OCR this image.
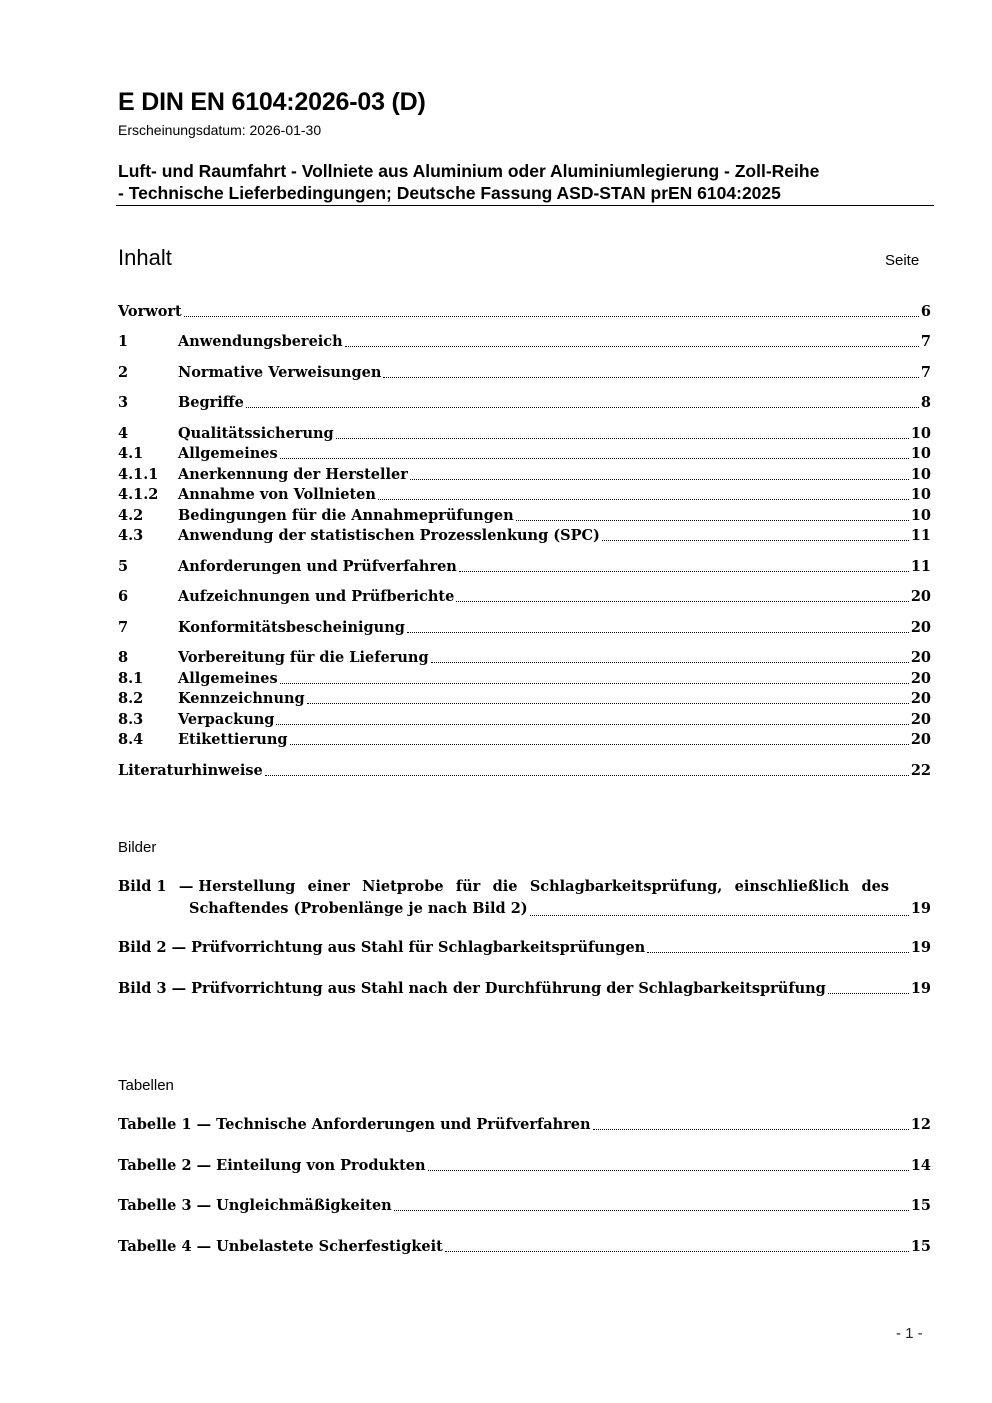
E DIN EN 6104:2026-03 (D)
Erscheinungsdatum: 2026-01-30
Luft- und Raumfahrt - Vollniete aus Aluminium oder Aluminiumlegierung - Zoll-Reihe
- Technische Lieferbedingungen; Deutsche Fassung ASD-STAN prEN 6104:2025
Inhalt	Seite
Vorwort	6
1	Anwendungsbereich	7
2	Normative Verweisungen	7
3	Begriffe	8
4	Qualitätssicherung	10
4.1	Allgemeines	10
4.1.1	Anerkennung der Hersteller	10
4.1.2	Annahme von Vollnieten	10
4.2	Bedingungen für die Annahmeprüfungen	10
4.3	Anwendung der statistischen Prozesslenkung (SPC)	11
5	Anforderungen und Prüfverfahren	11
6	Aufzeichnungen und Prüfberichte	20
7	Konformitätsbescheinigung	20
8	Vorbereitung für die Lieferung	20
8.1	Allgemeines	20
8.2	Kennzeichnung	20
8.3	Verpackung	20
8.4	Etikettierung	20
Literaturhinweise	22
Bilder
Bild 1 — Herstellung einer Nietprobe für die Schlagbarkeitsprüfung, einschließlich des
Schaftendes (Probenlänge je nach Bild 2)	19
Bild 2 — Prüfvorrichtung aus Stahl für Schlagbarkeitsprüfungen	19
Bild 3 — Prüfvorrichtung aus Stahl nach der Durchführung der Schlagbarkeitsprüfung	19
Tabellen
Tabelle 1 — Technische Anforderungen und Prüfverfahren	12
Tabelle 2 — Einteilung von Produkten	14
Tabelle 3 — Ungleichmäßigkeiten	15
Tabelle 4 — Unbelastete Scherfestigkeit	15
- 1 -
